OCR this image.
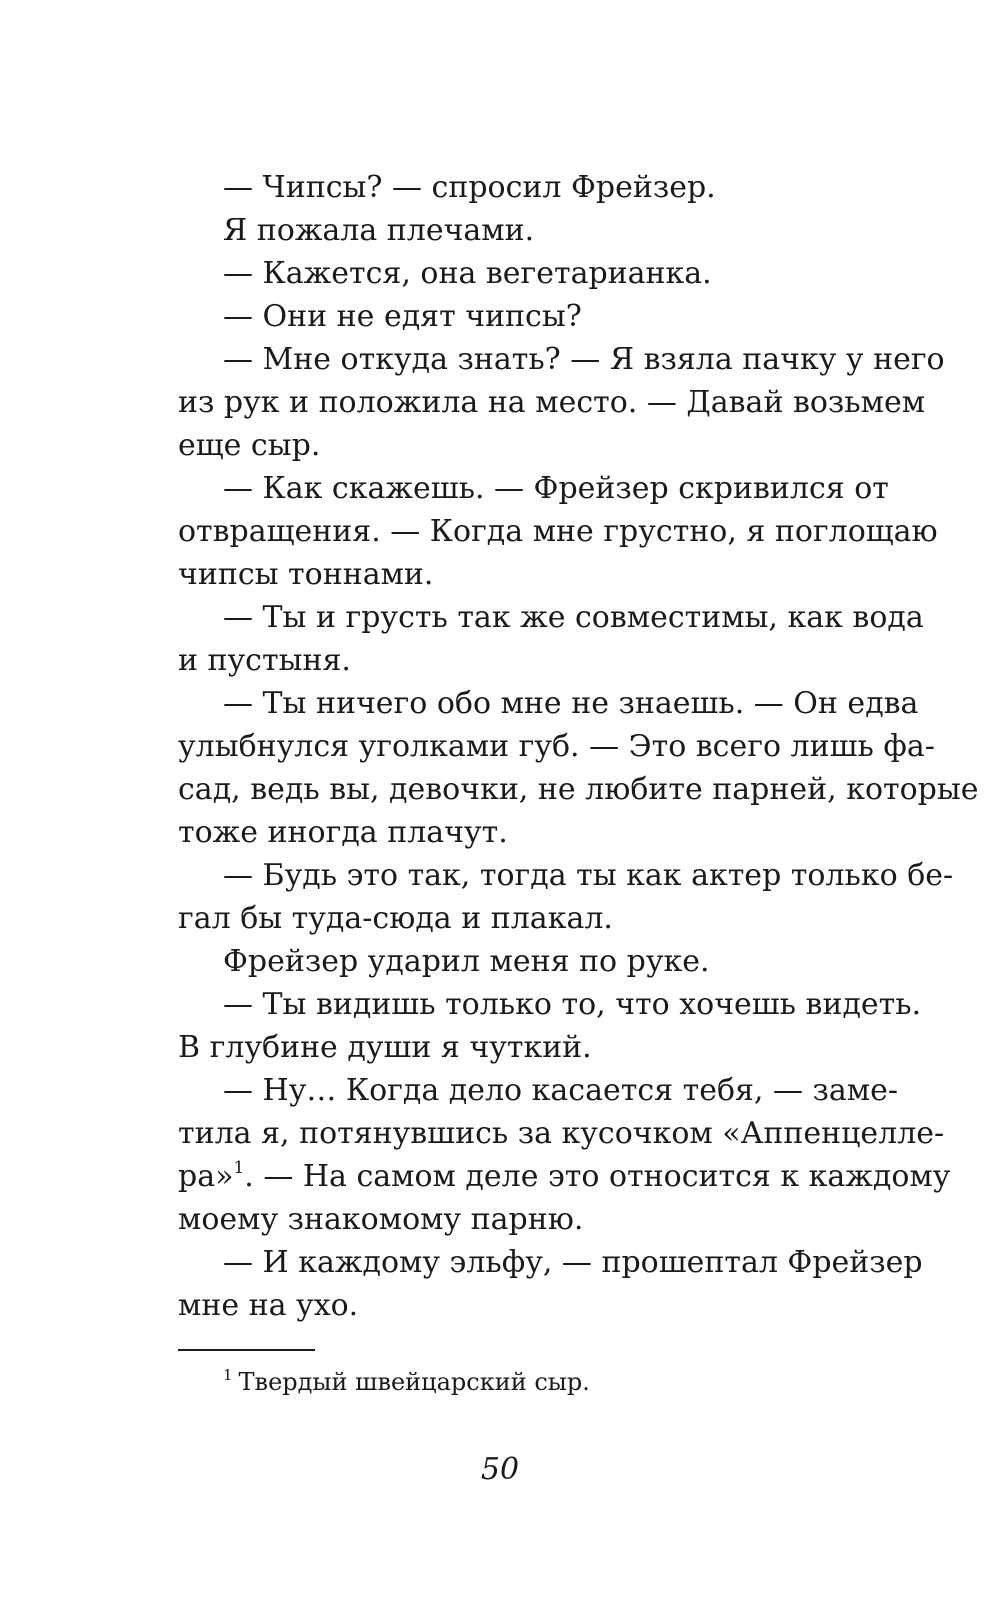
— Чипсы? — спросил Фрейзер.
Я пожала плечами.
— Кажется, она вегетарианка.
— Они не едят чипсы?
— Мне откуда знать? — Я взяла пачку у него
из рук и положила на место. — Давай возьмем
еще сыр.
— Как скажешь. — Фрейзер скривился от
отвращения. — Когда мне грустно, я поглощаю
чипсы тоннами.
— Ты и грусть так же совместимы, как вода
и пустыня.
— Ты ничего обо мне не знаешь. — Он едва
улыбнулся уголками губ. — Это всего лишь фа-
сад, ведь вы, девочки, не любите парней, которые
тоже иногда плачут.
— Будь это так, тогда ты как актер только бе-
гал бы туда-сюда и плакал.
Фрейзер ударил меня по руке.
— Ты видишь только то, что хочешь видеть.
В глубине души я чуткий.
— Ну… Когда дело касается тебя, — заме-
тила я, потянувшись за кусочком «Аппенцелле-
ра»$^1$. — На самом деле это относится к каждому
моему знакомому парню.
— И каждому эльфу, — прошептал Фрейзер
мне на ухо.
$^1$ Твердый швейцарский сыр.
50
